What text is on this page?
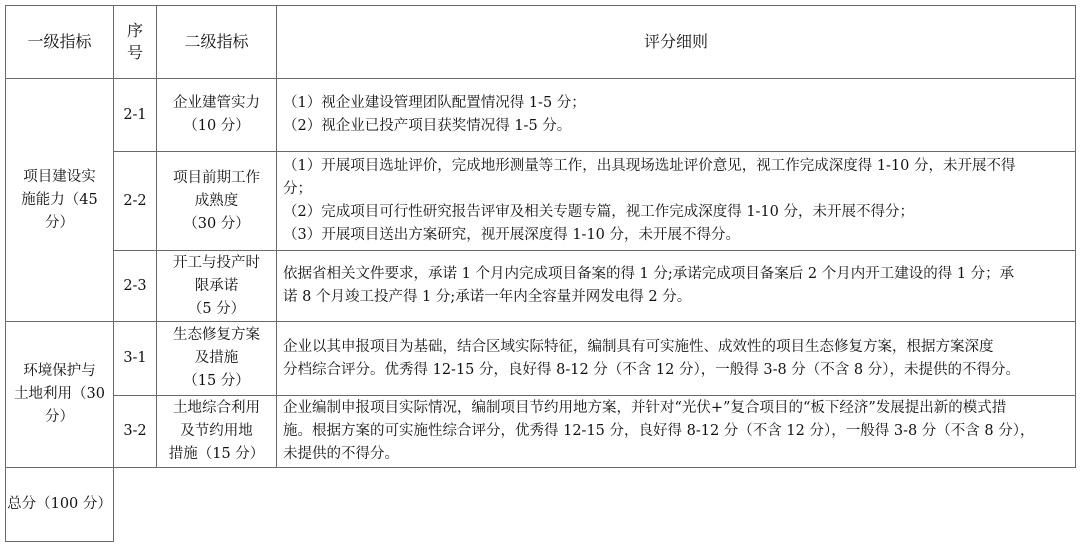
一级指标
序
号
二级指标	评分细则
项目建设实
施能力（45
分）
环境保护与
土地利用（30
分）
2-1
企业建管实力
（10 分）
（1）视企业建设管理团队配置情况得 1-5 分；
（2）视企业已投产项目获奖情况得 1-5 分。
2-2
项目前期工作
成熟度
（30 分）
（1）开展项目选址评价，完成地形测量等工作，出具现场选址评价意见，视工作完成深度得 1-10 分，未开展不得
分；
（2）完成项目可行性研究报告评审及相关专题专篇，视工作完成深度得 1-10 分，未开展不得分；
（3）开展项目送出方案研究，视开展深度得 1-10 分，未开展不得分。
2-3
开工与投产时
限承诺
（5 分）
依据省相关文件要求，承诺 1 个月内完成项目备案的得 1 分;承诺完成项目备案后 2 个月内开工建设的得 1 分；承
诺 8 个月竣工投产得 1 分;承诺一年内全容量并网发电得 2 分。
3-1
生态修复方案
及措施
（15 分）
企业以其申报项目为基础，结合区域实际特征，编制具有可实施性、成效性的项目生态修复方案，根据方案深度
分档综合评分。优秀得 12-15 分，良好得 8-12 分（不含 12 分），一般得 3-8 分（不含 8 分），未提供的不得分。
3-2
土地综合利用
及节约用地
措施（15 分）
企业编制申报项目实际情况，编制项目节约用地方案，并针对“光伏+”复合项目的“板下经济”发展提出新的模式措
施。根据方案的可实施性综合评分，优秀得 12-15 分，良好得 8-12 分（不含 12 分），一般得 3-8 分（不含 8 分），
未提供的不得分。
总分（100 分）
